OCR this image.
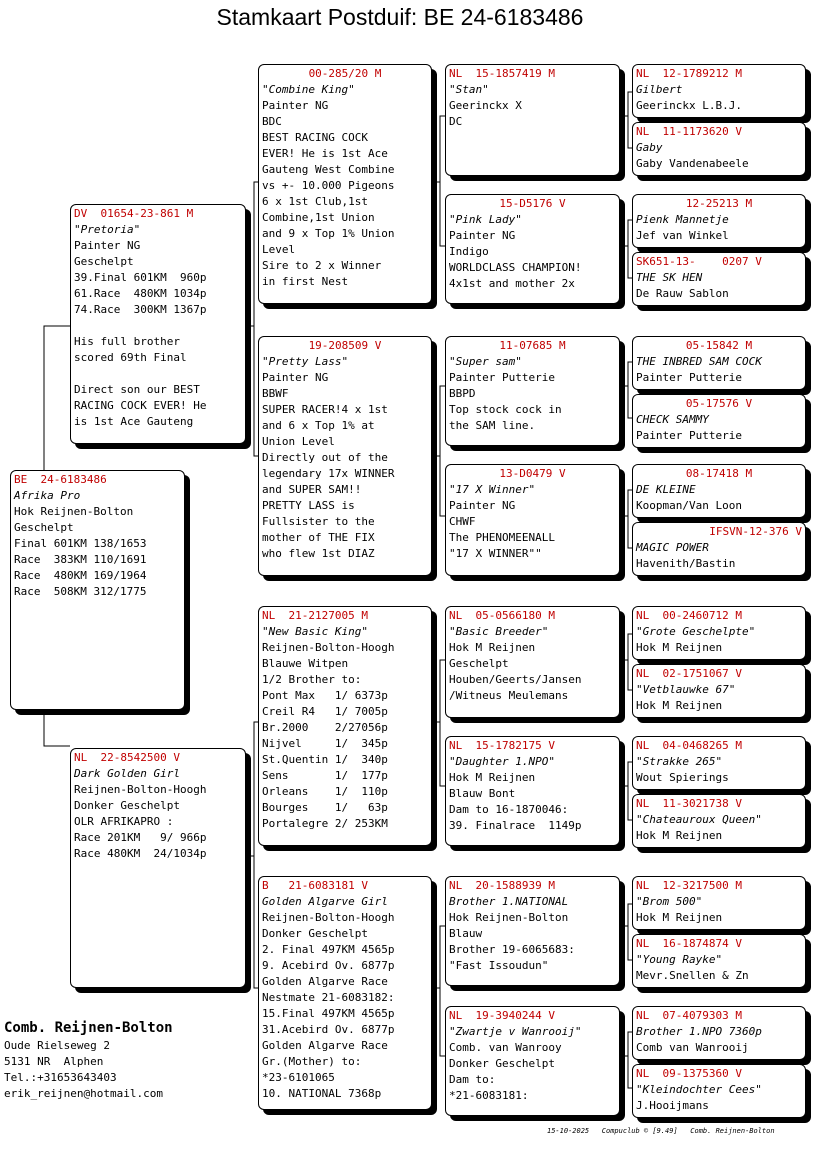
Stamkaart Postduif: BE 24-6183486
BE  24-6183486
Afrika Pro
Hok Reijnen-Bolton
Geschelpt
Final 601KM 138/1653
Race  383KM 110/1691
Race  480KM 169/1964
Race  508KM 312/1775
DV  01654-23-861 M
"Pretoria"
Painter NG
Geschelpt
39.Final 601KM  960p
61.Race  480KM 1034p
74.Race  300KM 1367p
His full brother
scored 69th Final
Direct son our BEST
RACING COCK EVER! He
is 1st Ace Gauteng
NL  22-8542500 V
Dark Golden Girl
Reijnen-Bolton-Hoogh
Donker Geschelpt
OLR AFRIKAPRO :
Race 201KM   9/ 966p
Race 480KM  24/1034p
00-285/20 M
"Combine King"
Painter NG
BDC
BEST RACING COCK
EVER! He is 1st Ace
Gauteng West Combine
vs +- 10.000 Pigeons
6 x 1st Club,1st
Combine,1st Union
and 9 x Top 1% Union
Level
Sire to 2 x Winner
in first Nest
19-208509 V
"Pretty Lass"
Painter NG
BBWF
SUPER RACER!4 x 1st
and 6 x Top 1% at
Union Level
Directly out of the
legendary 17x WINNER
and SUPER SAM!!
PRETTY LASS is
Fullsister to the
mother of THE FIX
who flew 1st DIAZ
NL  21-2127005 M
"New Basic King"
Reijnen-Bolton-Hoogh
Blauwe Witpen
1/2 Brother to:
Pont Max   1/ 6373p
Creil R4   1/ 7005p
Br.2000    2/27056p
Nijvel     1/  345p
St.Quentin 1/  340p
Sens       1/  177p
Orleans    1/  110p
Bourges    1/   63p
Portalegre 2/ 253KM
B   21-6083181 V
Golden Algarve Girl
Reijnen-Bolton-Hoogh
Donker Geschelpt
2. Final 497KM 4565p
9. Acebird Ov. 6877p
Golden Algarve Race
Nestmate 21-6083182:
15.Final 497KM 4565p
31.Acebird Ov. 6877p
Golden Algarve Race
Gr.(Mother) to:
*23-6101065
10. NATIONAL 7368p
NL  15-1857419 M
"Stan"
Geerinckx X
DC
15-D5176 V
"Pink Lady"
Painter NG
Indigo
WORLDCLASS CHAMPION!
4x1st and mother 2x
11-07685 M
"Super sam"
Painter Putterie
BBPD
Top stock cock in
the SAM line.
13-D0479 V
"17 X Winner"
Painter NG
CHWF
The PHENOMEENALL
"17 X WINNER""
NL  05-0566180 M
"Basic Breeder"
Hok M Reijnen
Geschelpt
Houben/Geerts/Jansen
/Witneus Meulemans
NL  15-1782175 V
"Daughter 1.NPO"
Hok M Reijnen
Blauw Bont
Dam to 16-1870046:
39. Finalrace  1149p
NL  20-1588939 M
Brother 1.NATIONAL
Hok Reijnen-Bolton
Blauw
Brother 19-6065683:
"Fast Issoudun"
NL  19-3940244 V
"Zwartje v Wanrooij"
Comb. van Wanrooy
Donker Geschelpt
Dam to:
*21-6083181:
NL  12-1789212 M
Gilbert
Geerinckx L.B.J.
NL  11-1173620 V
Gaby
Gaby Vandenabeele
12-25213 M
Pienk Mannetje
Jef van Winkel
SK651-13-    0207 V
THE SK HEN
De Rauw Sablon
05-15842 M
THE INBRED SAM COCK
Painter Putterie
05-17576 V
CHECK SAMMY
Painter Putterie
08-17418 M
DE KLEINE
Koopman/Van Loon
IFSVN-12-376 V
MAGIC POWER
Havenith/Bastin
NL  00-2460712 M
"Grote Geschelpte"
Hok M Reijnen
NL  02-1751067 V
"Vetblauwke 67"
Hok M Reijnen
NL  04-0468265 M
"Strakke 265"
Wout Spierings
NL  11-3021738 V
"Chateauroux Queen"
Hok M Reijnen
NL  12-3217500 M
"Brom 500"
Hok M Reijnen
NL  16-1874874 V
"Young Rayke"
Mevr.Snellen & Zn
NL  07-4079303 M
Brother 1.NPO 7360p
Comb van Wanrooij
NL  09-1375360 V
"Kleindochter Cees"
J.Hooijmans
Comb. Reijnen-Bolton
Oude Rielseweg 2
5131 NR  Alphen
Tel.:+31653643403
erik_reijnen@hotmail.com
15-10-2025   Compuclub © [9.49]   Comb. Reijnen-Bolton
